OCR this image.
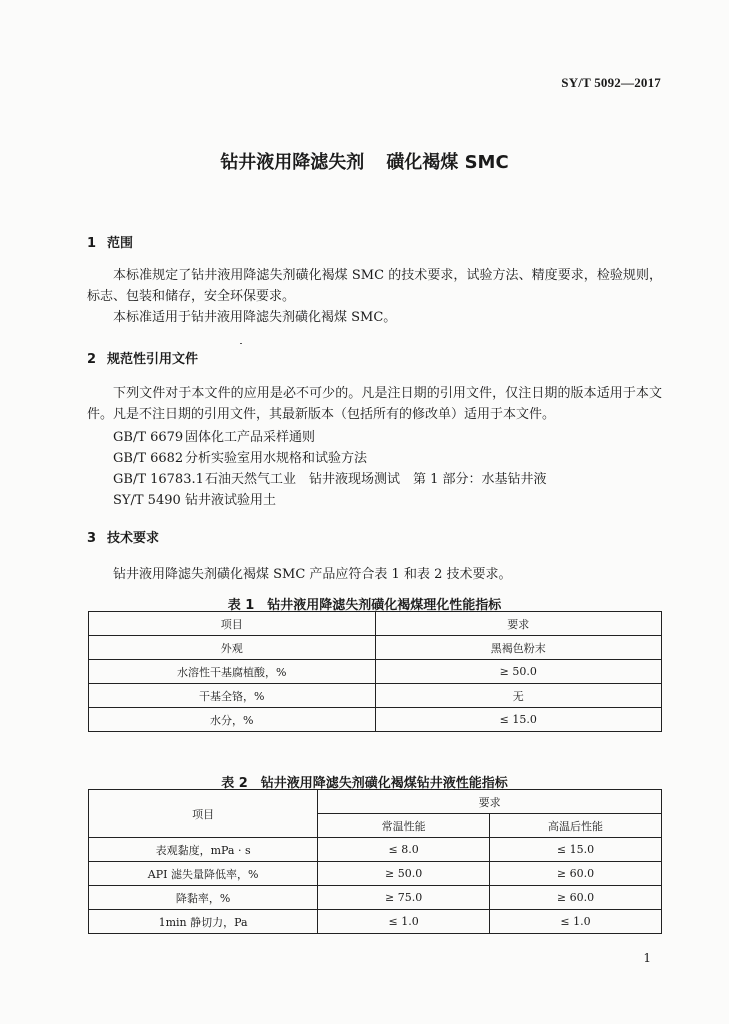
SY/T 5092—2017
钻井液用降滤失剂 磺化褐煤 SMC
1 范围
本标准规定了钻井液用降滤失剂磺化褐煤 SMC 的技术要求，试验方法、精度要求，检验规则，标志、包装和储存，安全环保要求。
本标准适用于钻井液用降滤失剂磺化褐煤 SMC。
2 规范性引用文件
下列文件对于本文件的应用是必不可少的。凡是注日期的引用文件，仅注日期的版本适用于本文件。凡是不注日期的引用文件，其最新版本（包括所有的修改单）适用于本文件。
GB/T 6679 固体化工产品采样通则
GB/T 6682 分析实验室用水规格和试验方法
GB/T 16783.1石油天然气工业　钻井液现场测试　第 1 部分：水基钻井液
SY/T 5490 钻井液试验用土
3 技术要求
钻井液用降滤失剂磺化褐煤 SMC 产品应符合表 1 和表 2 技术要求。
表 1　钻井液用降滤失剂磺化褐煤理化性能指标
项目	要求
外观	黑褐色粉末
水溶性干基腐植酸，%	≥ 50.0
干基全铬，%	无
水分，%	≤ 15.0
表 2　钻井液用降滤失剂磺化褐煤钻井液性能指标
项目	要求	
	常温性能	高温后性能
表观黏度，mPa · s	≤ 8.0	≤ 15.0
API 滤失量降低率，%	≥ 50.0	≥ 60.0
降黏率，%	≥ 75.0	≥ 60.0
1min 静切力，Pa	≤ 1.0	≤ 1.0
1
